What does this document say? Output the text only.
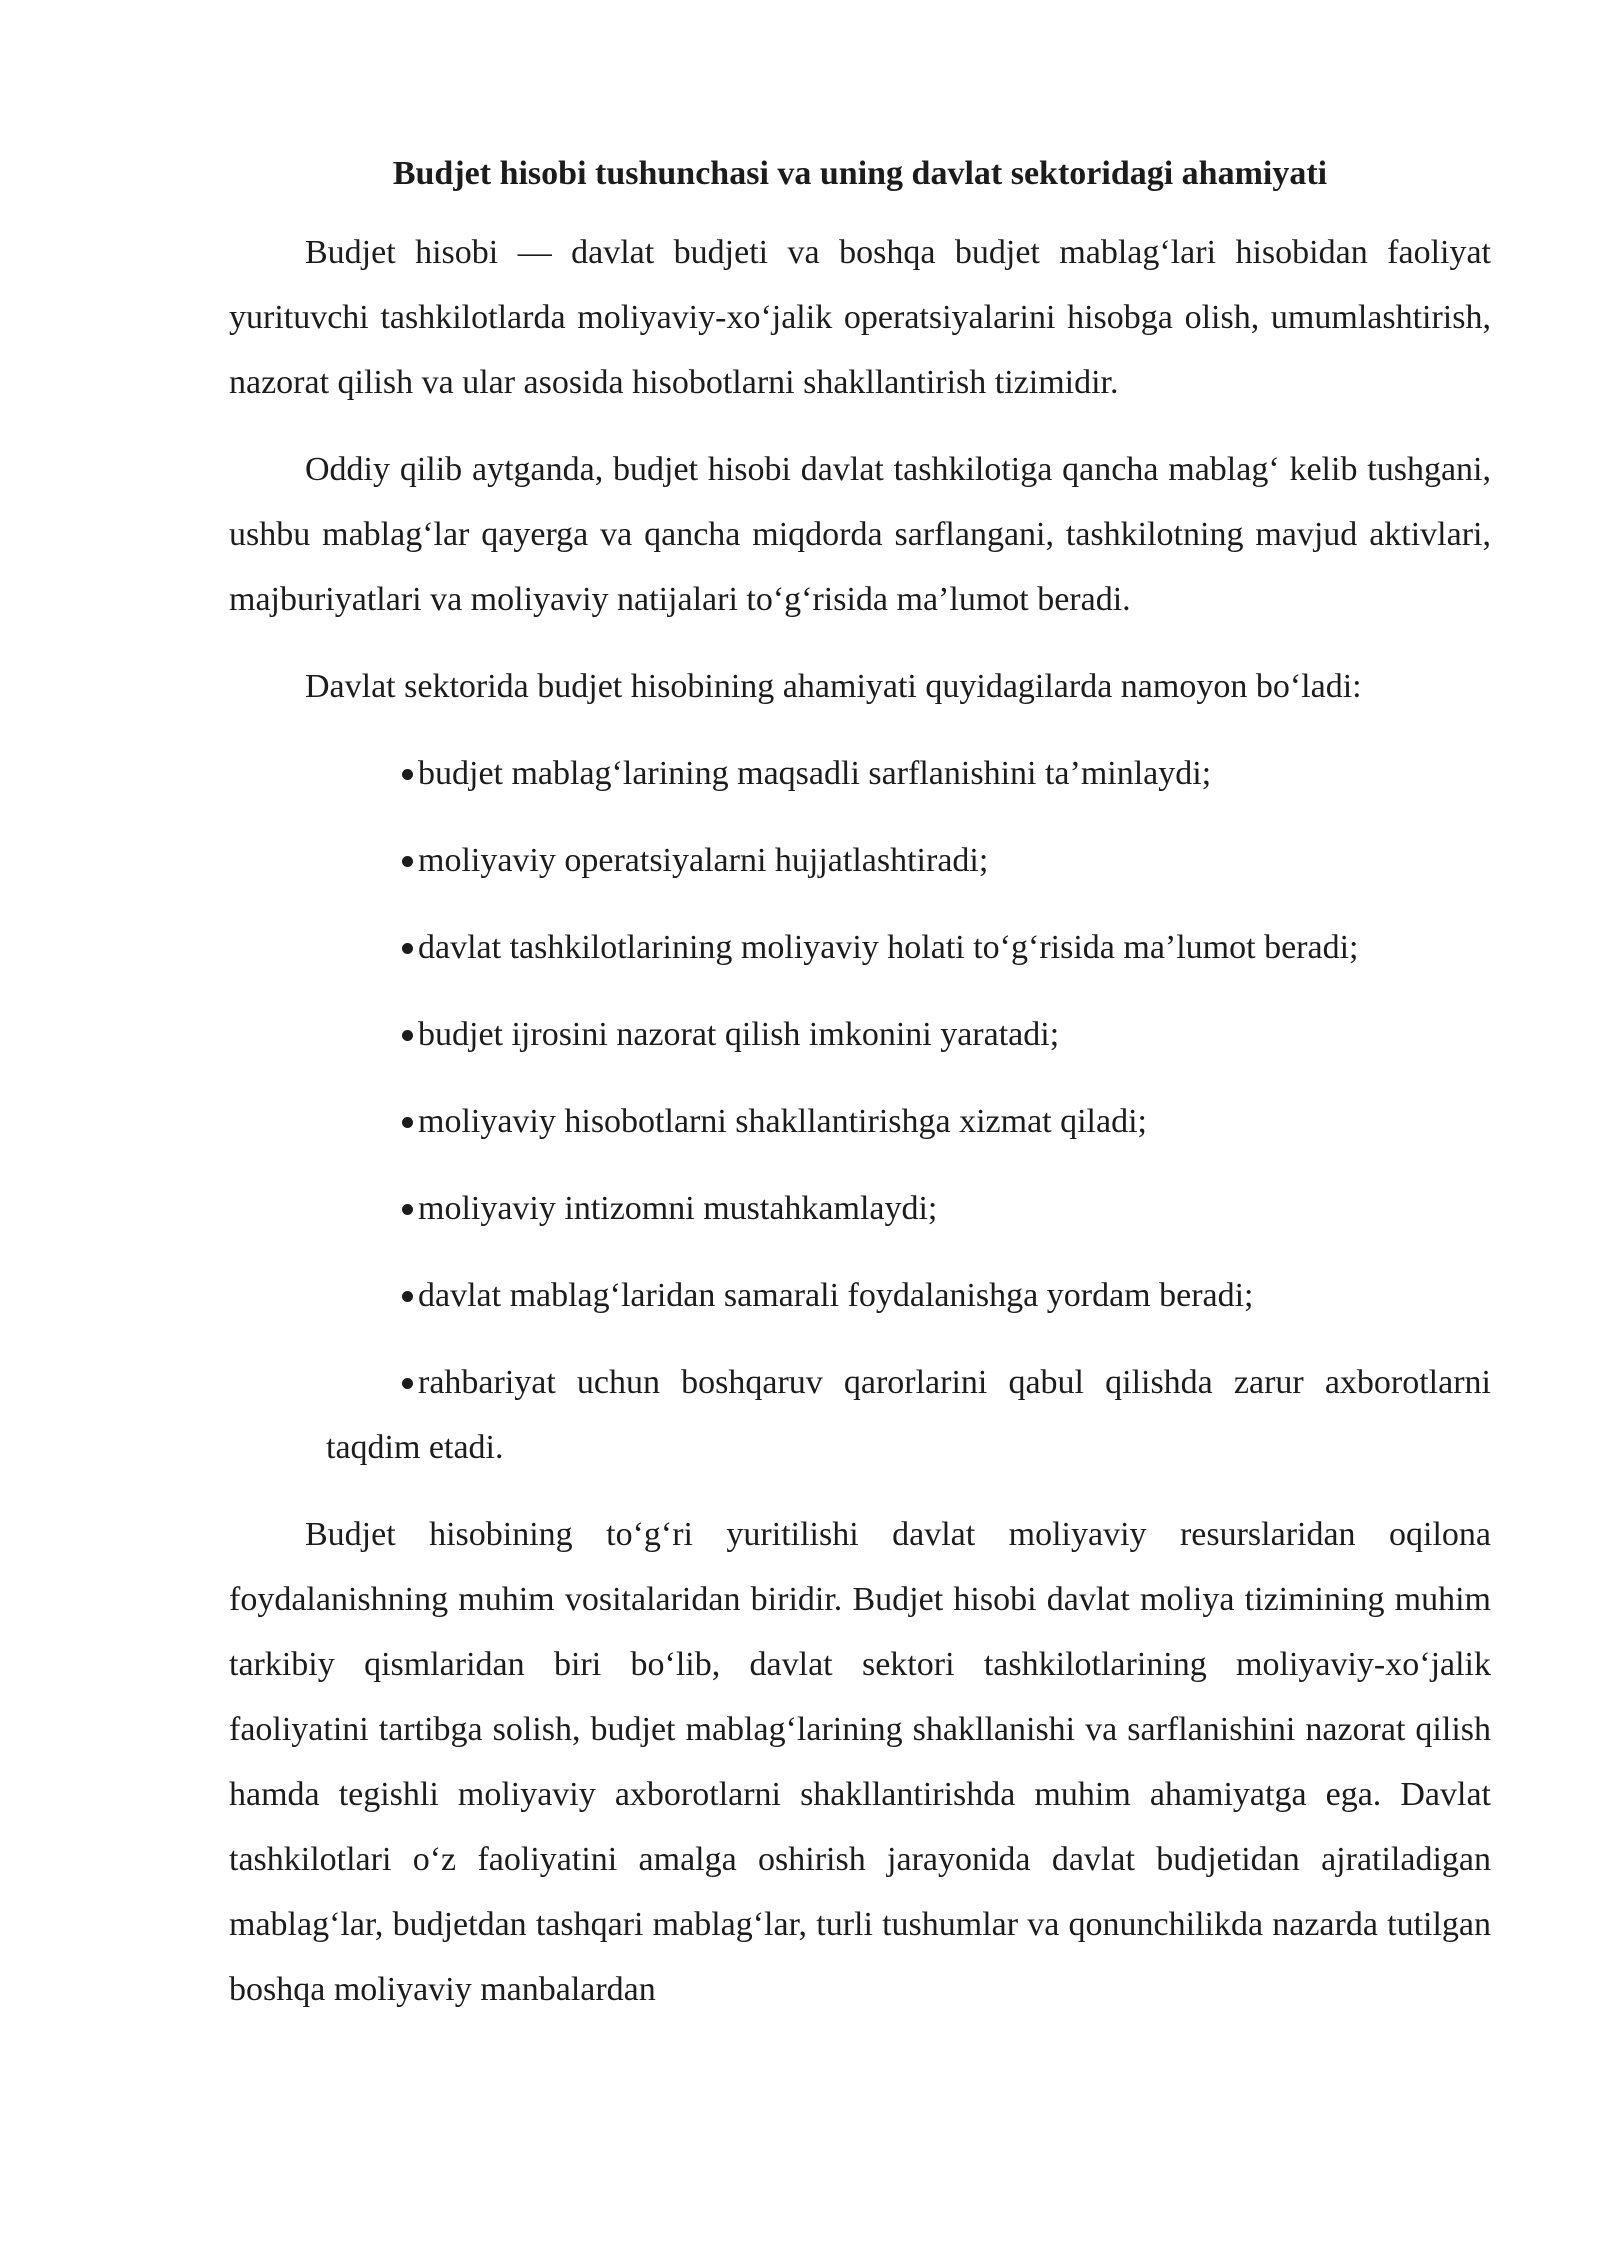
Budjet hisobi tushunchasi va uning davlat sektoridagi ahamiyati

Budjet hisobi — davlat budjeti va boshqa budjet mablag‘lari hisobidan faoliyat yurituvchi tashkilotlarda moliyaviy-xo‘jalik operatsiyalarini hisobga olish, umumlashtirish, nazorat qilish va ular asosida hisobotlarni shakllantirish tizimidir.

Oddiy qilib aytganda, budjet hisobi davlat tashkilotiga qancha mablag‘ kelib tushgani, ushbu mablag‘lar qayerga va qancha miqdorda sarflangani, tashkilotning mavjud aktivlari, majburiyatlari va moliyaviy natijalari to‘g‘risida ma’lumot beradi.

Davlat sektorida budjet hisobining ahamiyati quyidagilarda namoyon bo‘ladi:

budjet mablag‘larining maqsadli sarflanishini ta’minlaydi;
moliyaviy operatsiyalarni hujjatlashtiradi;
davlat tashkilotlarining moliyaviy holati to‘g‘risida ma’lumot beradi;
budjet ijrosini nazorat qilish imkonini yaratadi;
moliyaviy hisobotlarni shakllantirishga xizmat qiladi;
moliyaviy intizomni mustahkamlaydi;
davlat mablag‘laridan samarali foydalanishga yordam beradi;
rahbariyat uchun boshqaruv qarorlarini qabul qilishda zarur axborotlarni taqdim etadi.

Budjet hisobining to‘g‘ri yuritilishi davlat moliyaviy resurslaridan oqilona foydalanishning muhim vositalaridan biridir. Budjet hisobi davlat moliya tizimining muhim tarkibiy qismlaridan biri bo‘lib, davlat sektori tashkilotlarining moliyaviy-xo‘jalik faoliyatini tartibga solish, budjet mablag‘larining shakllanishi va sarflanishini nazorat qilish hamda tegishli moliyaviy axborotlarni shakllantirishda muhim ahamiyatga ega. Davlat tashkilotlari o‘z faoliyatini amalga oshirish jarayonida davlat budjetidan ajratiladigan mablag‘lar, budjetdan tashqari mablag‘lar, turli tushumlar va qonunchilikda nazarda tutilgan boshqa moliyaviy manbalardan
